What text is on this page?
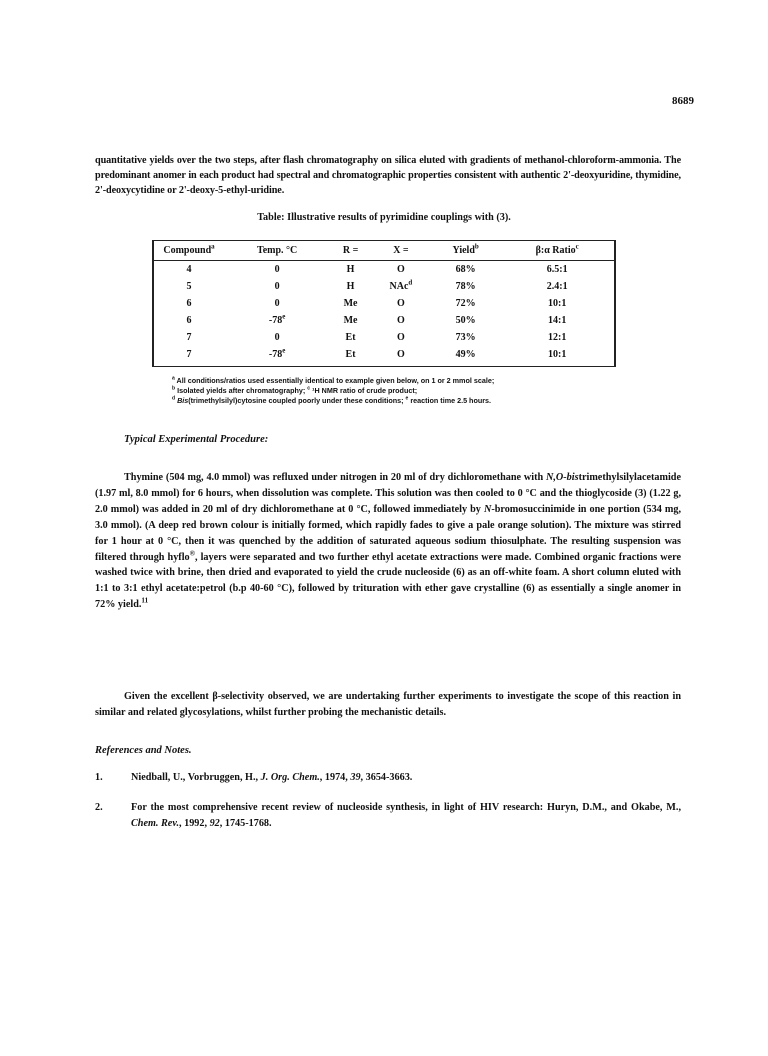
8689
quantitative yields over the two steps, after flash chromatography on silica eluted with gradients of methanol-chloroform-ammonia. The predominant anomer in each product had spectral and chromatographic properties consistent with authentic 2'-deoxyuridine, thymidine, 2'-deoxycytidine or 2'-deoxy-5-ethyl-uridine.
Table: Illustrative results of pyrimidine couplings with (3).
Compound$^a$	Temp. °C	R =	X =	Yield$^b$	β:α Ratio$^c$
4	0	H	O	68%	6.5:1
5	0	H	NAc$^d$	78%	2.4:1
6	0	Me	O	72%	10:1
6	-78e	Me	O	50%	14:1
7	0	Et	O	73%	12:1
7	-78e	Et	O	49%	10:1
$^a$ All conditions/ratios used essentially identical to example given below, on 1 or 2 mmol scale;
$^b$ Isolated yields after chromatography; $^c$ ¹H NMR ratio of crude product;
$^d$ Bis(trimethylsilyl)cytosine coupled poorly under these conditions; $^e$ reaction time 2.5 hours.
Typical Experimental Procedure:

Thymine (504 mg, 4.0 mmol) was refluxed under nitrogen in 20 ml of dry dichloromethane with N,O-bistrimethylsilylacetamide (1.97 ml, 8.0 mmol) for 6 hours, when dissolution was complete. This solution was then cooled to 0 °C and the thioglycoside (3) (1.22 g, 2.0 mmol) was added in 20 ml of dry dichloromethane at 0 °C, followed immediately by N-bromosuccinimide in one portion (534 mg, 3.0 mmol). (A deep red brown colour is initially formed, which rapidly fades to give a pale orange solution). The mixture was stirred for 1 hour at 0 °C, then it was quenched by the addition of saturated aqueous sodium thiosulphate. The resulting suspension was filtered through hyflo®, layers were separated and two further ethyl acetate extractions were made. Combined organic fractions were washed twice with brine, then dried and evaporated to yield the crude nucleoside (6) as an off-white foam. A short column eluted with 1:1 to 3:1 ethyl acetate:petrol (b.p 40-60 °C), followed by trituration with ether gave crystalline (6) as essentially a single anomer in 72% yield.$^{11}$

Given the excellent β-selectivity observed, we are undertaking further experiments to investigate the scope of this reaction in similar and related glycosylations, whilst further probing the mechanistic details.

References and Notes.
1.	Niedball, U., Vorbruggen, H., J. Org. Chem., 1974, 39, 3654-3663.
2.	For the most comprehensive recent review of nucleoside synthesis, in light of HIV research: Huryn, D.M., and Okabe, M., Chem. Rev., 1992, 92, 1745-1768.
